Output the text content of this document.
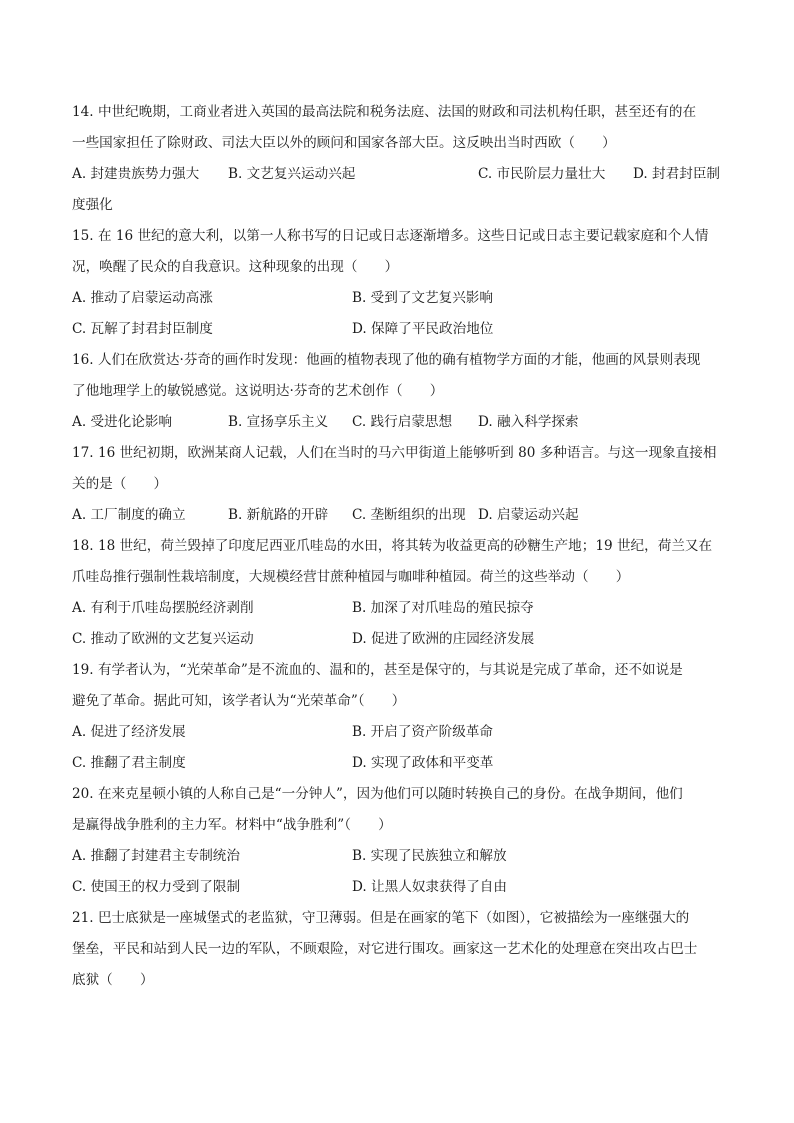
14. 中世纪晚期，工商业者进入英国的最高法院和税务法庭、法国的财政和司法机构任职，甚至还有的在
一些国家担任了除财政、司法大臣以外的顾问和国家各部大臣。这反映出当时西欧（　　）
A. 封建贵族势力强大 B. 文艺复兴运动兴起	C. 市民阶层力量壮大 D. 封君封臣制
度强化
15. 在 16 世纪的意大利，以第一人称书写的日记或日志逐渐增多。这些日记或日志主要记载家庭和个人情
况，唤醒了民众的自我意识。这种现象的出现（　　）
A. 推动了启蒙运动高涨	B. 受到了文艺复兴影响
C. 瓦解了封君封臣制度	D. 保障了平民政治地位
16. 人们在欣赏达·芬奇的画作时发现：他画的植物表现了他的确有植物学方面的才能，他画的风景则表现
了他地理学上的敏锐感觉。这说明达·芬奇的艺术创作（　　）
A. 受进化论影响	B. 宣扬享乐主义 C. 践行启蒙思想 D. 融入科学探索
17. 16 世纪初期，欧洲某商人记载，人们在当时的马六甲街道上能够听到 80 多种语言。与这一现象直接相
关的是（　　）
A. 工厂制度的确立	B. 新航路的开辟 C. 垄断组织的出现 D. 启蒙运动兴起
18. 18 世纪，荷兰毁掉了印度尼西亚爪哇岛的水田，将其转为收益更高的砂糖生产地；19 世纪，荷兰又在
爪哇岛推行强制性栽培制度，大规模经营甘蔗种植园与咖啡种植园。荷兰的这些举动（　　）
A. 有利于爪哇岛摆脱经济剥削	B. 加深了对爪哇岛的殖民掠夺
C. 推动了欧洲的文艺复兴运动	D. 促进了欧洲的庄园经济发展
19. 有学者认为，“光荣革命”是不流血的、温和的，甚至是保守的，与其说是完成了革命，还不如说是
避免了革命。据此可知，该学者认为“光荣革命”（　　）
A. 促进了经济发展	B. 开启了资产阶级革命
C. 推翻了君主制度	D. 实现了政体和平变革
20. 在来克星顿小镇的人称自己是“一分钟人”，因为他们可以随时转换自己的身份。在战争期间，他们
是赢得战争胜利的主力军。材料中“战争胜利”（　　）
A. 推翻了封建君主专制统治	B. 实现了民族独立和解放
C. 使国王的权力受到了限制	D. 让黑人奴隶获得了自由
21. 巴士底狱是一座城堡式的老监狱，守卫薄弱。但是在画家的笔下（如图），它被描绘为一座继强大的
堡垒，平民和站到人民一边的军队，不顾艰险，对它进行围攻。画家这一艺术化的处理意在突出攻占巴士
底狱（　　）
